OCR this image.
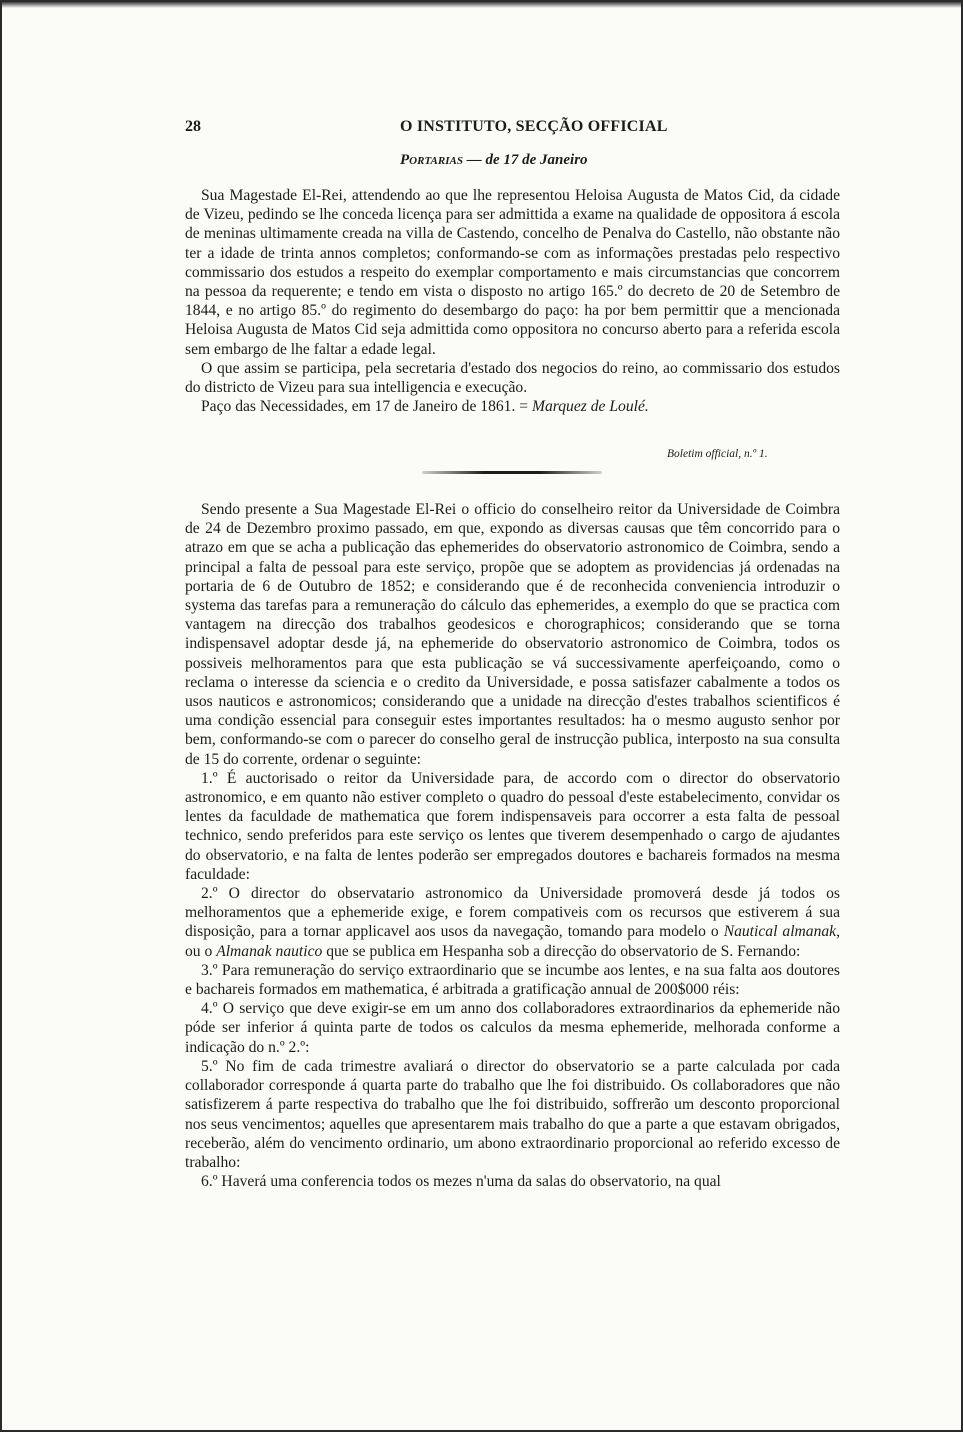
28	O INSTITUTO, SECÇÃO OFFICIAL
Portarias — de 17 de Janeiro

Sua Magestade El-Rei, attendendo ao que lhe representou Heloisa Augusta de Matos Cid, da cidade de Vizeu, pedindo se lhe conceda licença para ser admittida a exame na qualidade de oppositora á escola de meninas ultimamente creada na villa de Castendo, concelho de Penalva do Castello, não obstante não ter a idade de trinta annos completos; conformando-se com as informações prestadas pelo respectivo commissario dos estudos a respeito do exemplar comportamento e mais circumstancias que concorrem na pessoa da requerente; e tendo em vista o disposto no artigo 165.º do decreto de 20 de Setembro de 1844, e no artigo 85.º do regimento do desembargo do paço: ha por bem permittir que a mencionada Heloisa Augusta de Matos Cid seja admittida como oppositora no concurso aberto para a referida escola sem embargo de lhe faltar a edade legal.

O que assim se participa, pela secretaria d'estado dos negocios do reino, ao commissario dos estudos do districto de Vizeu para sua intelligencia e execução.

Paço das Necessidades, em 17 de Janeiro de 1861. = Marquez de Loulé.

Boletim official, n.º 1.

Sendo presente a Sua Magestade El-Rei o officio do conselheiro reitor da Universidade de Coimbra de 24 de Dezembro proximo passado, em que, expondo as diversas causas que têm concorrido para o atrazo em que se acha a publicação das ephemerides do observatorio astronomico de Coimbra, sendo a principal a falta de pessoal para este serviço, propõe que se adoptem as providencias já ordenadas na portaria de 6 de Outubro de 1852; e considerando que é de reconhecida conveniencia introduzir o systema das tarefas para a remuneração do cálculo das ephemerides, a exemplo do que se practica com vantagem na direcção dos trabalhos geodesicos e chorographicos; considerando que se torna indispensavel adoptar desde já, na ephemeride do observatorio astronomico de Coimbra, todos os possiveis melhoramentos para que esta publicação se vá successivamente aperfeiçoando, como o reclama o interesse da sciencia e o credito da Universidade, e possa satisfazer cabalmente a todos os usos nauticos e astronomicos; considerando que a unidade na direcção d'estes trabalhos scientificos é uma condição essencial para conseguir estes importantes resultados: ha o mesmo augusto senhor por bem, conformando-se com o parecer do conselho geral de instrucção publica, interposto na sua consulta de 15 do corrente, ordenar o seguinte:

1.º É auctorisado o reitor da Universidade para, de accordo com o director do observatorio astronomico, e em quanto não estiver completo o quadro do pessoal d'este estabelecimento, convidar os lentes da faculdade de mathematica que forem indispensaveis para occorrer a esta falta de pessoal technico, sendo preferidos para este serviço os lentes que tiverem desempenhado o cargo de ajudantes do observatorio, e na falta de lentes poderão ser empregados doutores e bachareis formados na mesma faculdade:

2.º O director do observatario astronomico da Universidade promoverá desde já todos os melhoramentos que a ephemeride exige, e forem compativeis com os recursos que estiverem á sua disposição, para a tornar applicavel aos usos da navegação, tomando para modelo o Nautical almanak, ou o Almanak nautico que se publica em Hespanha sob a direcção do observatorio de S. Fernando:

3.º Para remuneração do serviço extraordinario que se incumbe aos lentes, e na sua falta aos doutores e bachareis formados em mathematica, é arbitrada a gratificação annual de 200$000 réis:

4.º O serviço que deve exigir-se em um anno dos collaboradores extraordinarios da ephemeride não póde ser inferior á quinta parte de todos os calculos da mesma ephemeride, melhorada conforme a indicação do n.º 2.º:

5.º No fim de cada trimestre avaliará o director do observatorio se a parte calculada por cada collaborador corresponde á quarta parte do trabalho que lhe foi distribuido. Os collaboradores que não satisfizerem á parte respectiva do trabalho que lhe foi distribuido, soffrerão um desconto proporcional nos seus vencimentos; aquelles que apresentarem mais trabalho do que a parte a que estavam obrigados, receberão, além do vencimento ordinario, um abono extraordinario proporcional ao referido excesso de trabalho:

6.º Haverá uma conferencia todos os mezes n'uma da salas do observatorio, na qual
